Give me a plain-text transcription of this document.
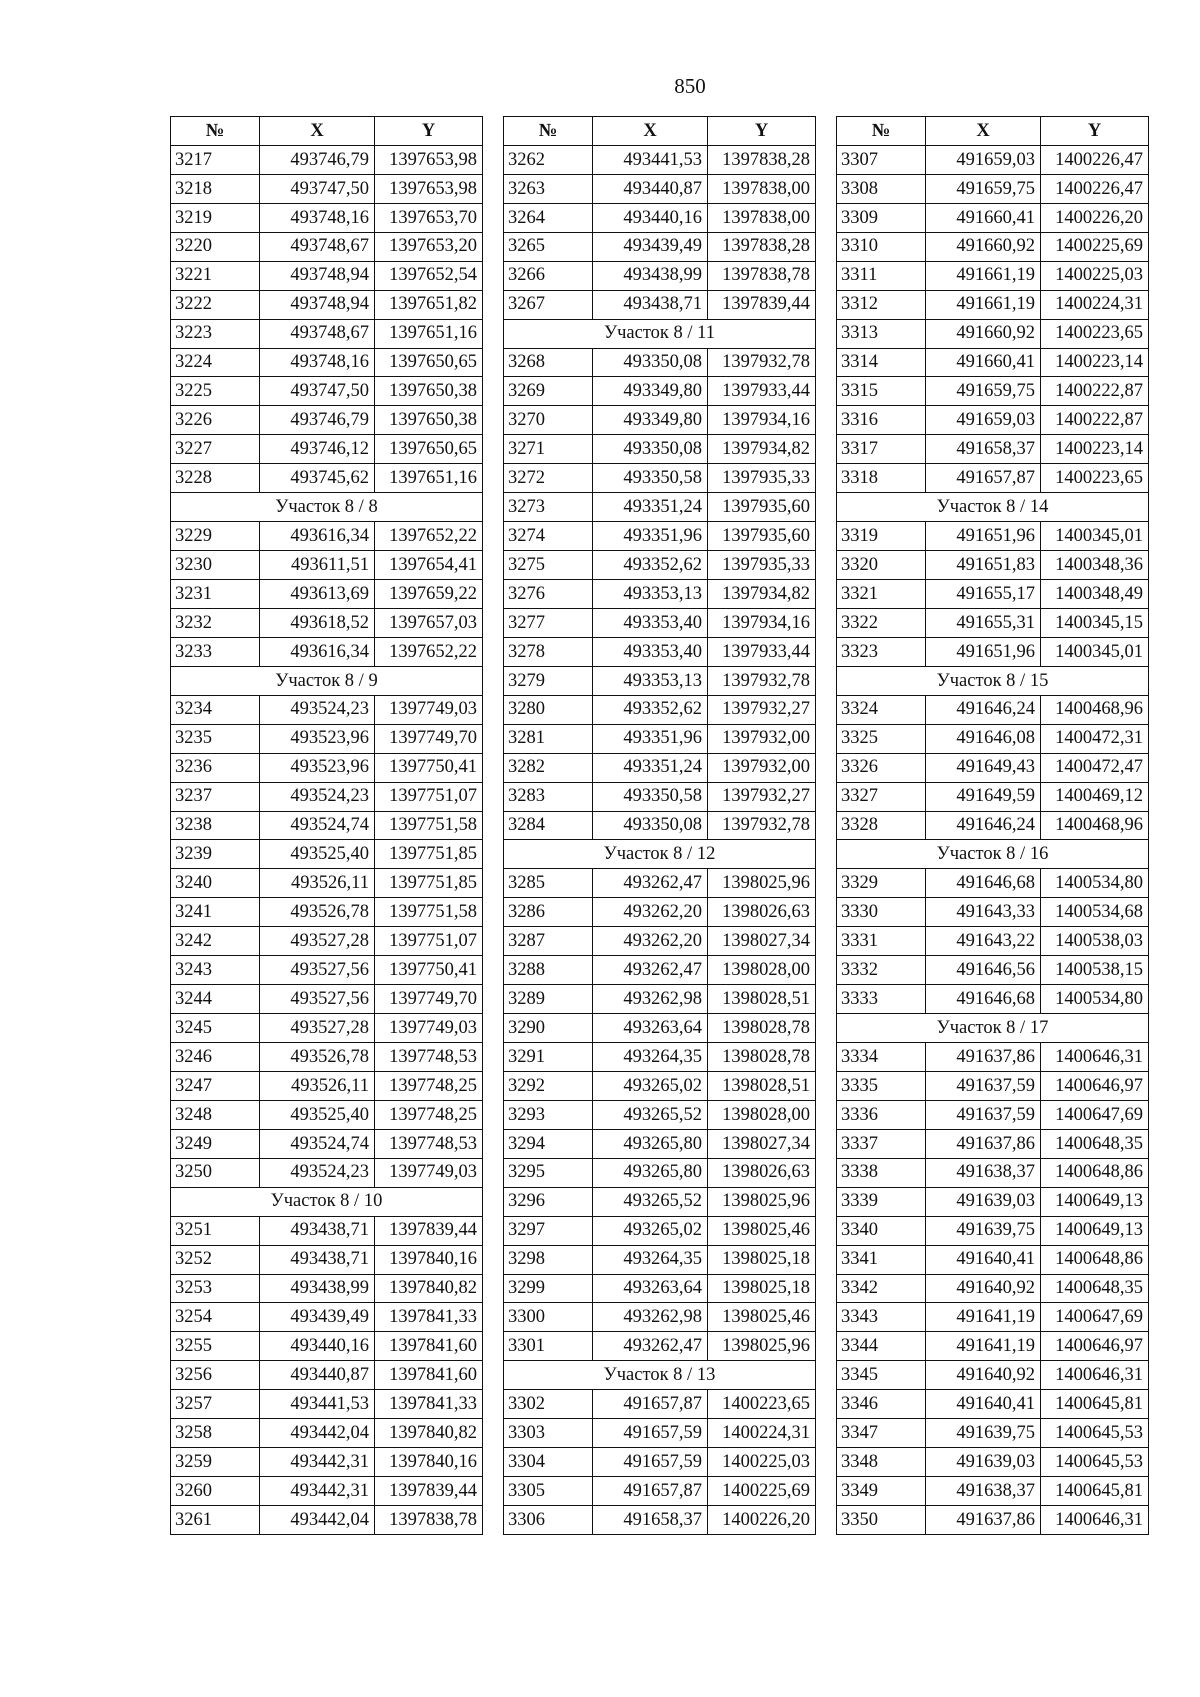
850
№	X	Y
3217	493746,79	1397653,98
3218	493747,50	1397653,98
3219	493748,16	1397653,70
3220	493748,67	1397653,20
3221	493748,94	1397652,54
3222	493748,94	1397651,82
3223	493748,67	1397651,16
3224	493748,16	1397650,65
3225	493747,50	1397650,38
3226	493746,79	1397650,38
3227	493746,12	1397650,65
3228	493745,62	1397651,16
Участок 8 / 8		
3229	493616,34	1397652,22
3230	493611,51	1397654,41
3231	493613,69	1397659,22
3232	493618,52	1397657,03
3233	493616,34	1397652,22
Участок 8 / 9		
3234	493524,23	1397749,03
3235	493523,96	1397749,70
3236	493523,96	1397750,41
3237	493524,23	1397751,07
3238	493524,74	1397751,58
3239	493525,40	1397751,85
3240	493526,11	1397751,85
3241	493526,78	1397751,58
3242	493527,28	1397751,07
3243	493527,56	1397750,41
3244	493527,56	1397749,70
3245	493527,28	1397749,03
3246	493526,78	1397748,53
3247	493526,11	1397748,25
3248	493525,40	1397748,25
3249	493524,74	1397748,53
3250	493524,23	1397749,03
Участок 8 / 10		
3251	493438,71	1397839,44
3252	493438,71	1397840,16
3253	493438,99	1397840,82
3254	493439,49	1397841,33
3255	493440,16	1397841,60
3256	493440,87	1397841,60
3257	493441,53	1397841,33
3258	493442,04	1397840,82
3259	493442,31	1397840,16
3260	493442,31	1397839,44
3261	493442,04	1397838,78
№	X	Y
3262	493441,53	1397838,28
3263	493440,87	1397838,00
3264	493440,16	1397838,00
3265	493439,49	1397838,28
3266	493438,99	1397838,78
3267	493438,71	1397839,44
Участок 8 / 11		
3268	493350,08	1397932,78
3269	493349,80	1397933,44
3270	493349,80	1397934,16
3271	493350,08	1397934,82
3272	493350,58	1397935,33
3273	493351,24	1397935,60
3274	493351,96	1397935,60
3275	493352,62	1397935,33
3276	493353,13	1397934,82
3277	493353,40	1397934,16
3278	493353,40	1397933,44
3279	493353,13	1397932,78
3280	493352,62	1397932,27
3281	493351,96	1397932,00
3282	493351,24	1397932,00
3283	493350,58	1397932,27
3284	493350,08	1397932,78
Участок 8 / 12		
3285	493262,47	1398025,96
3286	493262,20	1398026,63
3287	493262,20	1398027,34
3288	493262,47	1398028,00
3289	493262,98	1398028,51
3290	493263,64	1398028,78
3291	493264,35	1398028,78
3292	493265,02	1398028,51
3293	493265,52	1398028,00
3294	493265,80	1398027,34
3295	493265,80	1398026,63
3296	493265,52	1398025,96
3297	493265,02	1398025,46
3298	493264,35	1398025,18
3299	493263,64	1398025,18
3300	493262,98	1398025,46
3301	493262,47	1398025,96
Участок 8 / 13		
3302	491657,87	1400223,65
3303	491657,59	1400224,31
3304	491657,59	1400225,03
3305	491657,87	1400225,69
3306	491658,37	1400226,20
№	X	Y
3307	491659,03	1400226,47
3308	491659,75	1400226,47
3309	491660,41	1400226,20
3310	491660,92	1400225,69
3311	491661,19	1400225,03
3312	491661,19	1400224,31
3313	491660,92	1400223,65
3314	491660,41	1400223,14
3315	491659,75	1400222,87
3316	491659,03	1400222,87
3317	491658,37	1400223,14
3318	491657,87	1400223,65
Участок 8 / 14		
3319	491651,96	1400345,01
3320	491651,83	1400348,36
3321	491655,17	1400348,49
3322	491655,31	1400345,15
3323	491651,96	1400345,01
Участок 8 / 15		
3324	491646,24	1400468,96
3325	491646,08	1400472,31
3326	491649,43	1400472,47
3327	491649,59	1400469,12
3328	491646,24	1400468,96
Участок 8 / 16		
3329	491646,68	1400534,80
3330	491643,33	1400534,68
3331	491643,22	1400538,03
3332	491646,56	1400538,15
3333	491646,68	1400534,80
Участок 8 / 17		
3334	491637,86	1400646,31
3335	491637,59	1400646,97
3336	491637,59	1400647,69
3337	491637,86	1400648,35
3338	491638,37	1400648,86
3339	491639,03	1400649,13
3340	491639,75	1400649,13
3341	491640,41	1400648,86
3342	491640,92	1400648,35
3343	491641,19	1400647,69
3344	491641,19	1400646,97
3345	491640,92	1400646,31
3346	491640,41	1400645,81
3347	491639,75	1400645,53
3348	491639,03	1400645,53
3349	491638,37	1400645,81
3350	491637,86	1400646,31
